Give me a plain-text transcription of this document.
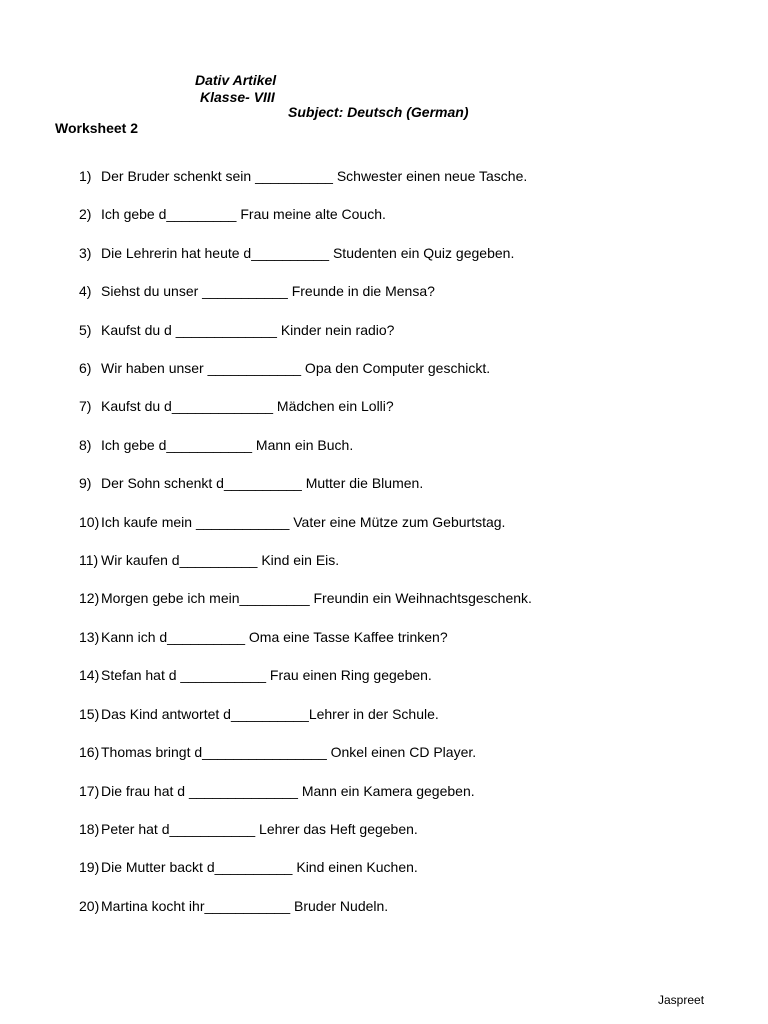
Dativ Artikel
Klasse- VIII
Subject: Deutsch (German)
Worksheet 2
1) Der Bruder schenkt sein __________ Schwester einen neue Tasche.
2) Ich gebe d_________ Frau meine alte Couch.
3) Die Lehrerin hat heute d__________ Studenten ein Quiz gegeben.
4) Siehst du unser ___________ Freunde in die Mensa?
5) Kaufst du d _____________ Kinder nein radio?
6) Wir haben unser ____________ Opa den Computer geschickt.
7) Kaufst du d_____________ Mädchen ein Lolli?
8) Ich gebe d___________ Mann ein Buch.
9) Der Sohn schenkt d__________ Mutter die Blumen.
10) Ich kaufe mein ____________ Vater eine Mütze zum Geburtstag.
11) Wir kaufen d__________ Kind ein Eis.
12) Morgen gebe ich mein_________ Freundin ein Weihnachtsgeschenk.
13) Kann ich d__________ Oma eine Tasse Kaffee trinken?
14) Stefan hat d ___________ Frau einen Ring gegeben.
15) Das Kind antwortet d__________Lehrer in der Schule.
16) Thomas bringt d________________ Onkel einen CD Player.
17) Die frau hat d ______________ Mann ein Kamera gegeben.
18) Peter hat d___________ Lehrer das Heft gegeben.
19) Die Mutter backt d__________ Kind einen Kuchen.
20) Martina kocht ihr___________ Bruder Nudeln.
Jaspreet
